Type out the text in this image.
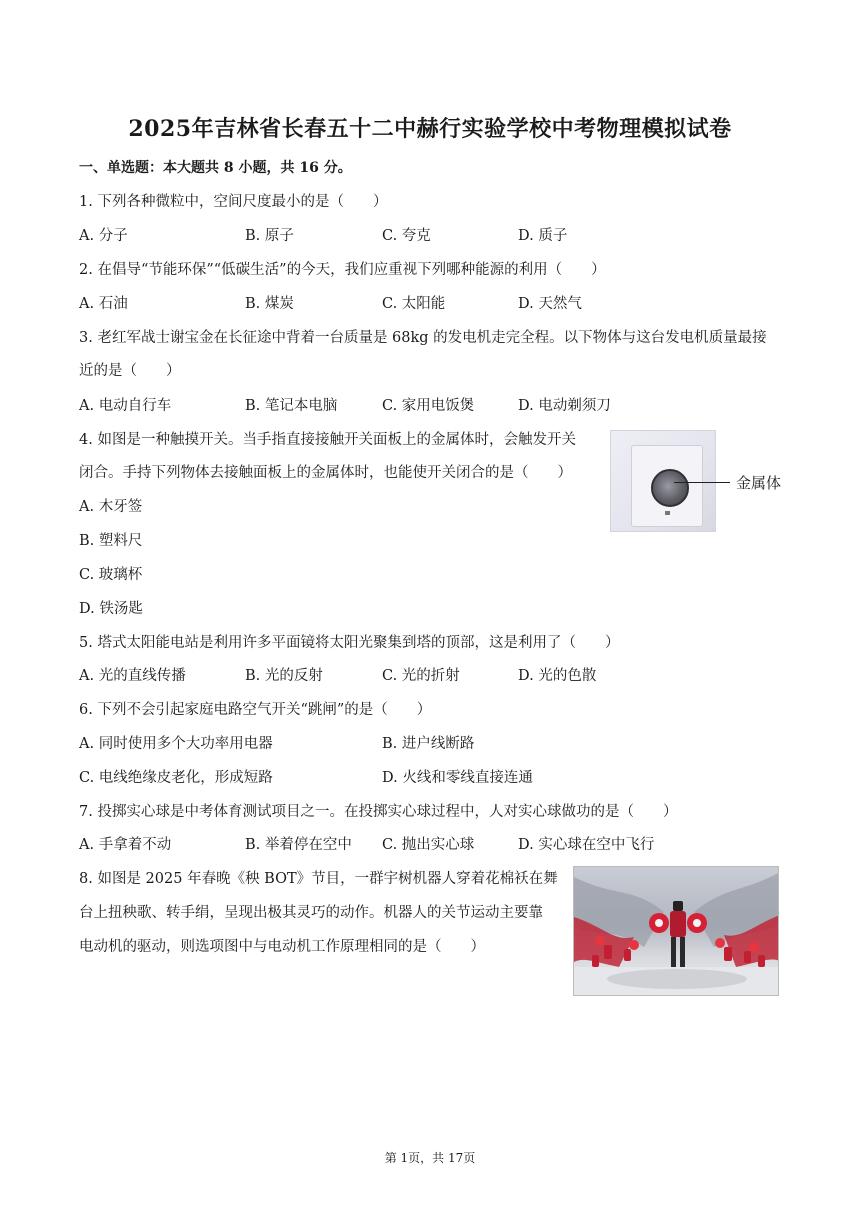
2025年吉林省长春五十二中赫行实验学校中考物理模拟试卷
一、单选题：本大题共 8 小题，共 16 分。
1. 下列各种微粒中，空间尺度最小的是（　　）
A. 分子	B. 原子	C. 夸克	D. 质子
2. 在倡导“节能环保”“低碳生活”的今天，我们应重视下列哪种能源的利用（　　）
A. 石油	B. 煤炭	C. 太阳能	D. 天然气
3. 老红军战士谢宝金在长征途中背着一台质量是 68kg 的发电机走完全程。以下物体与这台发电机质量最接
近的是（　　）
A. 电动自行车	B. 笔记本电脑	C. 家用电饭煲	D. 电动剃须刀
4. 如图是一种触摸开关。当手指直接接触开关面板上的金属体时，会触发开关
闭合。手持下列物体去接触面板上的金属体时，也能使开关闭合的是（　　）
A. 木牙签
B. 塑料尺
C. 玻璃杯
D. 铁汤匙
金属体
5. 塔式太阳能电站是利用许多平面镜将太阳光聚集到塔的顶部，这是利用了（　　）
A. 光的直线传播	B. 光的反射	C. 光的折射	D. 光的色散
6. 下列不会引起家庭电路空气开关“跳闸”的是（　　）
A. 同时使用多个大功率用电器	B. 进户线断路
C. 电线绝缘皮老化，形成短路	D. 火线和零线直接连通
7. 投掷实心球是中考体育测试项目之一。在投掷实心球过程中，人对实心球做功的是（　　）
A. 手拿着不动	B. 举着停在空中 C. 抛出实心球	D. 实心球在空中飞行
8. 如图是 2025 年春晚《秧 BOT》节目，一群宇树机器人穿着花棉袄在舞
台上扭秧歌、转手绢，呈现出极其灵巧的动作。机器人的关节运动主要靠
电动机的驱动，则选项图中与电动机工作原理相同的是（　　）
第 1页，共 17页
